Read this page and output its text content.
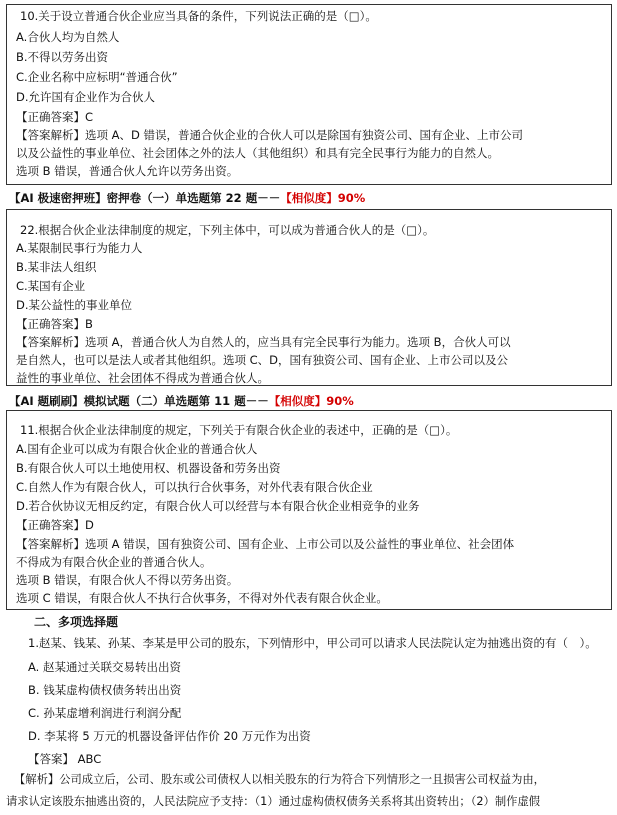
10.关于设立普通合伙企业应当具备的条件，下列说法正确的是（□）。
A.合伙人均为自然人
B.不得以劳务出资
C.企业名称中应标明“普通合伙”
D.允许国有企业作为合伙人
【正确答案】C
【答案解析】选项 A、D 错误，普通合伙企业的合伙人可以是除国有独资公司、国有企业、上市公司
以及公益性的事业单位、社会团体之外的法人（其他组织）和具有完全民事行为能力的自然人。
选项 B 错误，普通合伙人允许以劳务出资。
【AI 极速密押班】密押卷（一）单选题第 22 题－－【相似度】90%
22.根据合伙企业法律制度的规定，下列主体中，可以成为普通合伙人的是（□）。
A.某限制民事行为能力人
B.某非法人组织
C.某国有企业
D.某公益性的事业单位
【正确答案】B
【答案解析】选项 A，普通合伙人为自然人的，应当具有完全民事行为能力。选项 B，合伙人可以
是自然人，也可以是法人或者其他组织。选项 C、D，国有独资公司、国有企业、上市公司以及公
益性的事业单位、社会团体不得成为普通合伙人。
【AI 题刷刷】模拟试题（二）单选题第 11 题－－【相似度】90%
11.根据合伙企业法律制度的规定，下列关于有限合伙企业的表述中，正确的是（□）。
A.国有企业可以成为有限合伙企业的普通合伙人
B.有限合伙人可以土地使用权、机器设备和劳务出资
C.自然人作为有限合伙人，可以执行合伙事务，对外代表有限合伙企业
D.若合伙协议无相反约定，有限合伙人可以经营与本有限合伙企业相竞争的业务
【正确答案】D
【答案解析】选项 A 错误，国有独资公司、国有企业、上市公司以及公益性的事业单位、社会团体
不得成为有限合伙企业的普通合伙人。
选项 B 错误，有限合伙人不得以劳务出资。
选项 C 错误，有限合伙人不执行合伙事务，不得对外代表有限合伙企业。
二、多项选择题
1.赵某、钱某、孙某、李某是甲公司的股东，下列情形中，甲公司可以请求人民法院认定为抽逃出资的有（　）。
A. 赵某通过关联交易转出出资
B. 钱某虚构债权债务转出出资
C. 孙某虚增利润进行利润分配
D. 李某将 5 万元的机器设备评估作价 20 万元作为出资
【答案】 ABC
【解析】公司成立后，公司、股东或公司债权人以相关股东的行为符合下列情形之一且损害公司权益为由，
请求认定该股东抽逃出资的，人民法院应予支持：（1）通过虚构债权债务关系将其出资转出；（2）制作虚假
